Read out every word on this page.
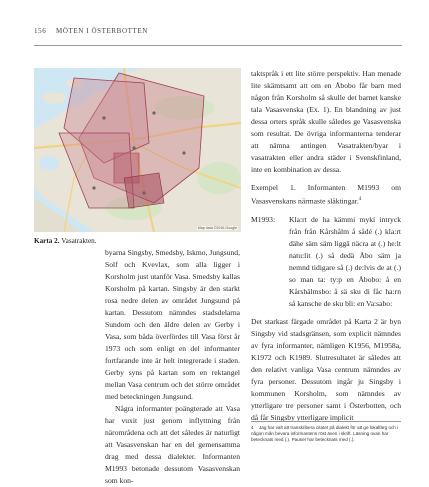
156 MÖTEN I ÖSTERBOTTEN
Map data ©2016 Google
Karta 2. Vasatrakten.

byarna Singsby, Smedsby, Iskmo, Jungsund, Solf och Kvevlax, som alla ligger i Korsholm just utanför Vasa. Smedsby kallas Korsholm på kartan. Singsby är den starkt rosa nedre delen av området Jungsund på kartan. Dessutom nämndes stadsdelarna Sundom och den äldre delen av Gerby i Vasa, som båda överfördes till Vasa först år 1973 och som enligt en del informanter fortfarande inte är helt integrerade i staden. Gerby syns på kartan som en rektangel mellan Vasa centrum och det större området med beteckningen Jungsund.

Några informanter poängterade att Vasa har vuxit just genom inflyttning från närområdena och att det således är naturligt att Vasasvenskan har en del gemensamma drag med dessa dialekter. Informanten M1993 betonade dessutom Vasasvenskan som kon-

taktspråk i ett lite större perspektiv. Han menade lite skämtsamt att om en Åbobo får barn med någon från Korsholm så skulle det barnet kanske tala Vasasvenska (Ex. 1). En blandning av just dessa orters språk skulle således ge Vasasvenska som resultat. De övriga informanterna tenderar att nämna antingen Vasatrakten/byar i vasatrakten eller andra städer i Svenskfinland, inte en kombination av dessa.

Exempel 1. Informanten M1993 om Vasasvenskans närmaste släktingar.$^4$

M1993: Kla:rt de ha kämmi mykí intryck från från Kårshålm å sådé (.) kla:rt dähe säm säm liggä näcra at (.) he:lt natu:lit (.) så dedä Åbo säm ja nemnd tidigare så (.) de:lvis de at (.) so man ta: ty:p en Åbobo: å en Kårshälmsbo: å sä sku di fåc ha:rn så kansche de sku bli: en Va:sabo:

Det starkast färgade området på Karta 2 är byn Singsby vid stadsgränsen, som explicit nämndes av fyra informanter, nämligen K1956, M1958a, K1972 och K1989. Slutresultatet är således att den relativt vanliga Vasa centrum nämndes av fyra personer. Dessutom ingår ju Singsby i kommunen Korsholm, som nämndes av ytterligare tre personer samt i Österbotten, och då får Singsby ytterligare implicit

4 Jag har valt att transkribera citatet på dialekt för att ge lokalfärg och i någon mån bevara informantens röst även i skrift. Läsning ovan har betecknats med (.). Pauser har betecknats med (.).
